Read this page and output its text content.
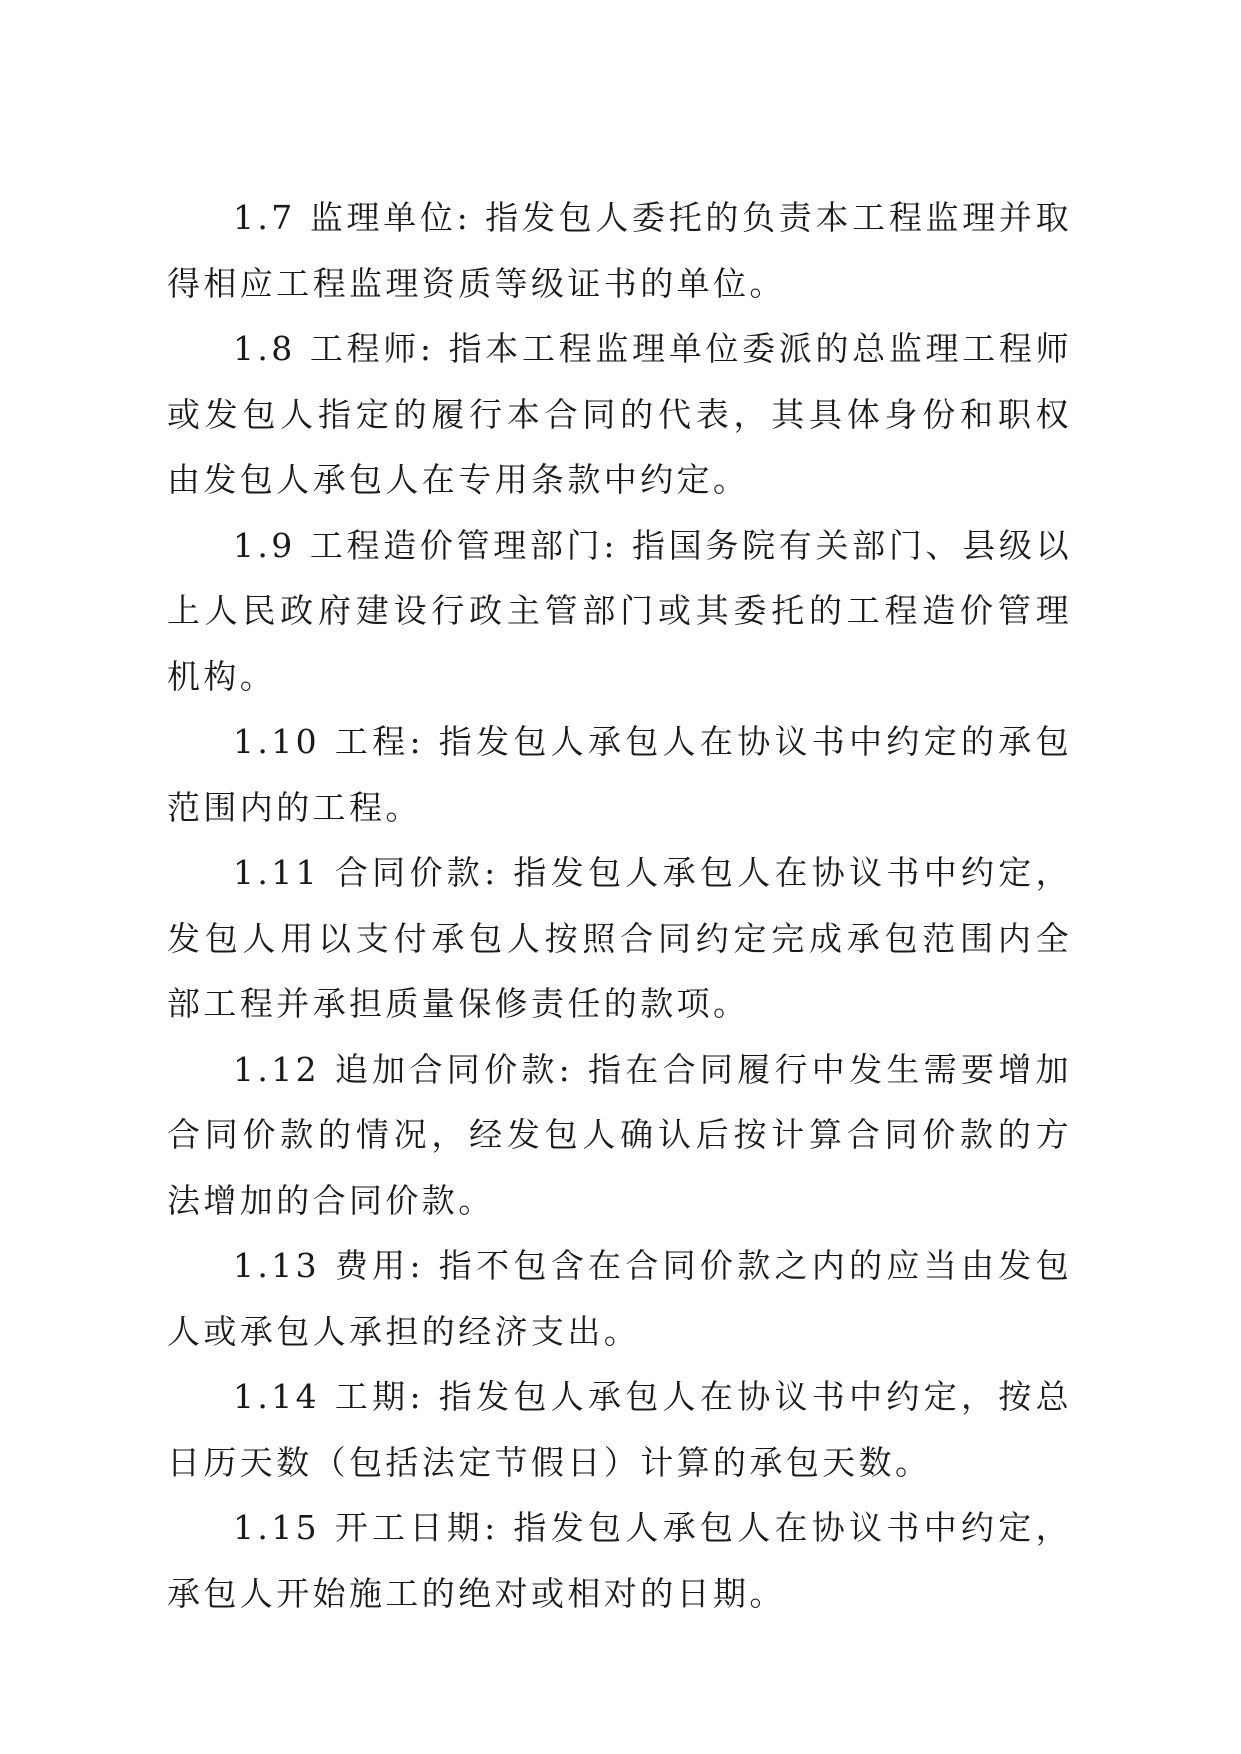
1.7 监理单位: 指发包人委托的负责本工程监理并取得相应工程监理资质等级证书的单位。

1.8 工程师: 指本工程监理单位委派的总监理工程师或发包人指定的履行本合同的代表，其具体身份和职权由发包人承包人在专用条款中约定。

1.9 工程造价管理部门: 指国务院有关部门、县级以上人民政府建设行政主管部门或其委托的工程造价管理机构。

1.10 工程: 指发包人承包人在协议书中约定的承包范围内的工程。

1.11 合同价款: 指发包人承包人在协议书中约定，发包人用以支付承包人按照合同约定完成承包范围内全部工程并承担质量保修责任的款项。

1.12 追加合同价款: 指在合同履行中发生需要增加合同价款的情况，经发包人确认后按计算合同价款的方法增加的合同价款。

1.13 费用: 指不包含在合同价款之内的应当由发包人或承包人承担的经济支出。

1.14 工期: 指发包人承包人在协议书中约定，按总日历天数（包括法定节假日）计算的承包天数。

1.15 开工日期: 指发包人承包人在协议书中约定，承包人开始施工的绝对或相对的日期。
